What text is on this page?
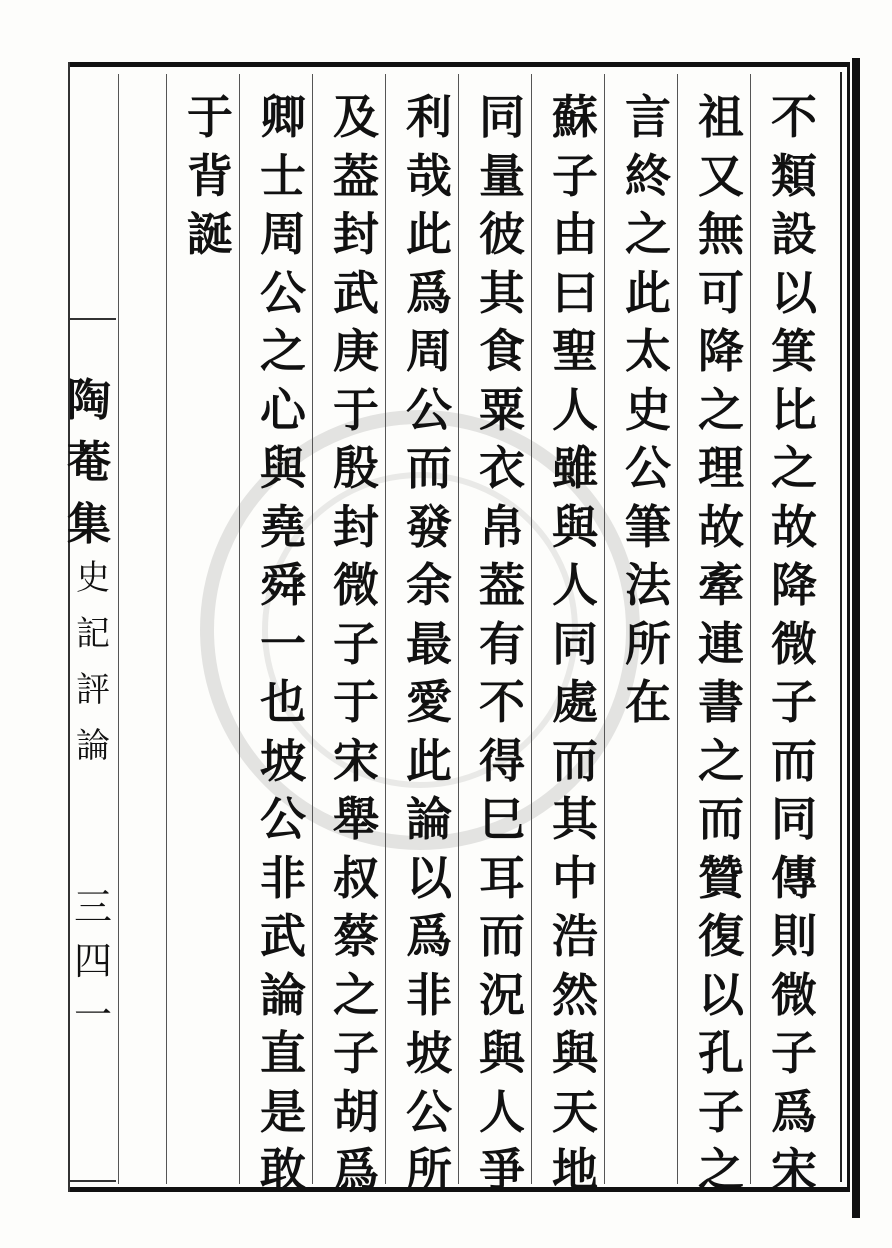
陶
菴
集
史
記
評
論
三
四
一
不
類
設
以
箕
比
之
故
降
微
子
而
同
傳
則
微
子
爲
宋
祖
又
無
可
降
之
理
故
牽
連
書
之
而
贊
復
以
孔
子
之
言
終
之
此
太
史
公
筆
法
所
在
蘇
子
由
曰
聖
人
雖
與
人
同
處
而
其
中
浩
然
與
天
地
同
量
彼
其
食
粟
衣
帛
葢
有
不
得
巳
耳
而
況
與
人
爭
利
哉
此
爲
周
公
而
發
余
最
愛
此
論
以
爲
非
坡
公
所
及
葢
封
武
庚
于
殷
封
微
子
于
宋
舉
叔
蔡
之
子
胡
爲
卿
士
周
公
之
心
與
堯
舜
一
也
坡
公
非
武
論
直
是
敢
于
背
誕
